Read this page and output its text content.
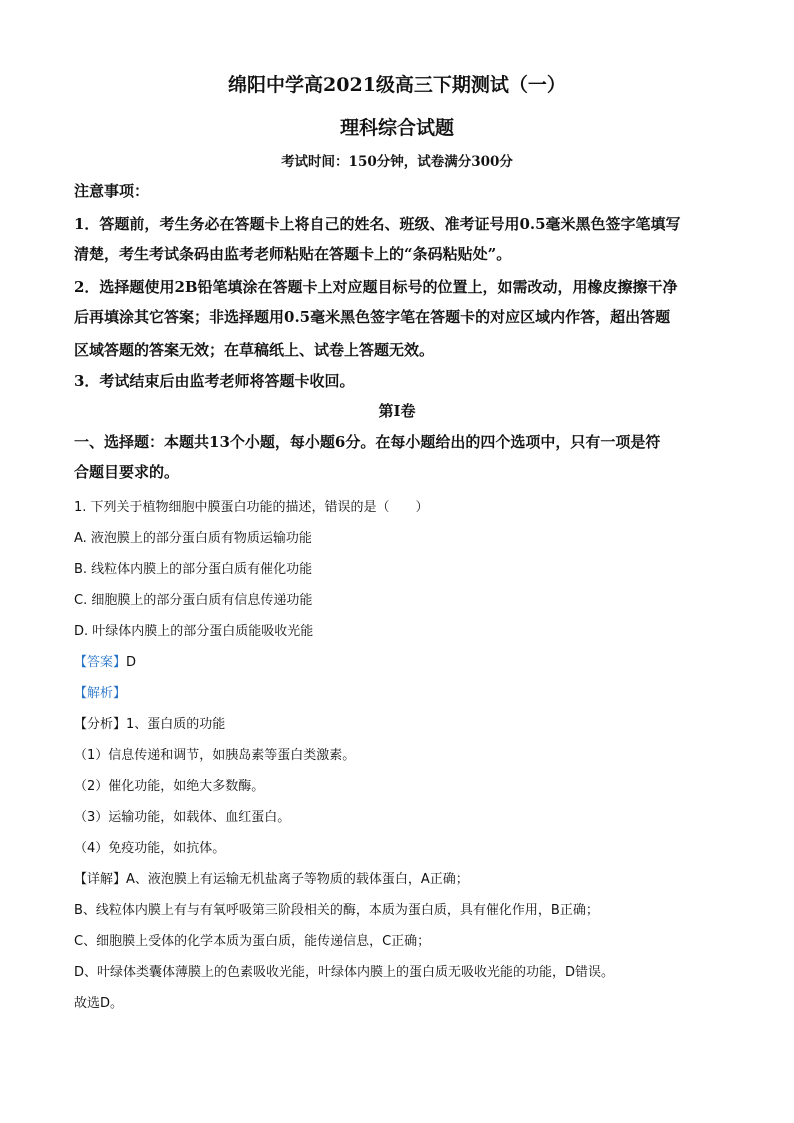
绵阳中学高2021级高三下期测试（一）
理科综合试题
考试时间：150分钟，试卷满分300分
注意事项：
1．答题前，考生务必在答题卡上将自己的姓名、班级、准考证号用0.5毫米黑色签字笔填写
清楚，考生考试条码由监考老师粘贴在答题卡上的“条码粘贴处”。
2．选择题使用2B铅笔填涂在答题卡上对应题目标号的位置上，如需改动，用橡皮擦擦干净
后再填涂其它答案；非选择题用0.5毫米黑色签字笔在答题卡的对应区域内作答，超出答题
区域答题的答案无效；在草稿纸上、试卷上答题无效。
3．考试结束后由监考老师将答题卡收回。
第Ⅰ卷
一、选择题：本题共13个小题，每小题6分。在每小题给出的四个选项中，只有一项是符
合题目要求的。
1. 下列关于植物细胞中膜蛋白功能的描述，错误的是（　　）
A. 液泡膜上的部分蛋白质有物质运输功能
B. 线粒体内膜上的部分蛋白质有催化功能
C. 细胞膜上的部分蛋白质有信息传递功能
D. 叶绿体内膜上的部分蛋白质能吸收光能
【答案】D
【解析】
【分析】1、蛋白质的功能
（1）信息传递和调节，如胰岛素等蛋白类激素。
（2）催化功能，如绝大多数酶。
（3）运输功能，如载体、血红蛋白。
（4）免疫功能，如抗体。
【详解】A、液泡膜上有运输无机盐离子等物质的载体蛋白，A正确；
B、线粒体内膜上有与有氧呼吸第三阶段相关的酶，本质为蛋白质，具有催化作用，B正确；
C、细胞膜上受体的化学本质为蛋白质，能传递信息，C正确；
D、叶绿体类囊体薄膜上的色素吸收光能，叶绿体内膜上的蛋白质无吸收光能的功能，D错误。
故选D。
